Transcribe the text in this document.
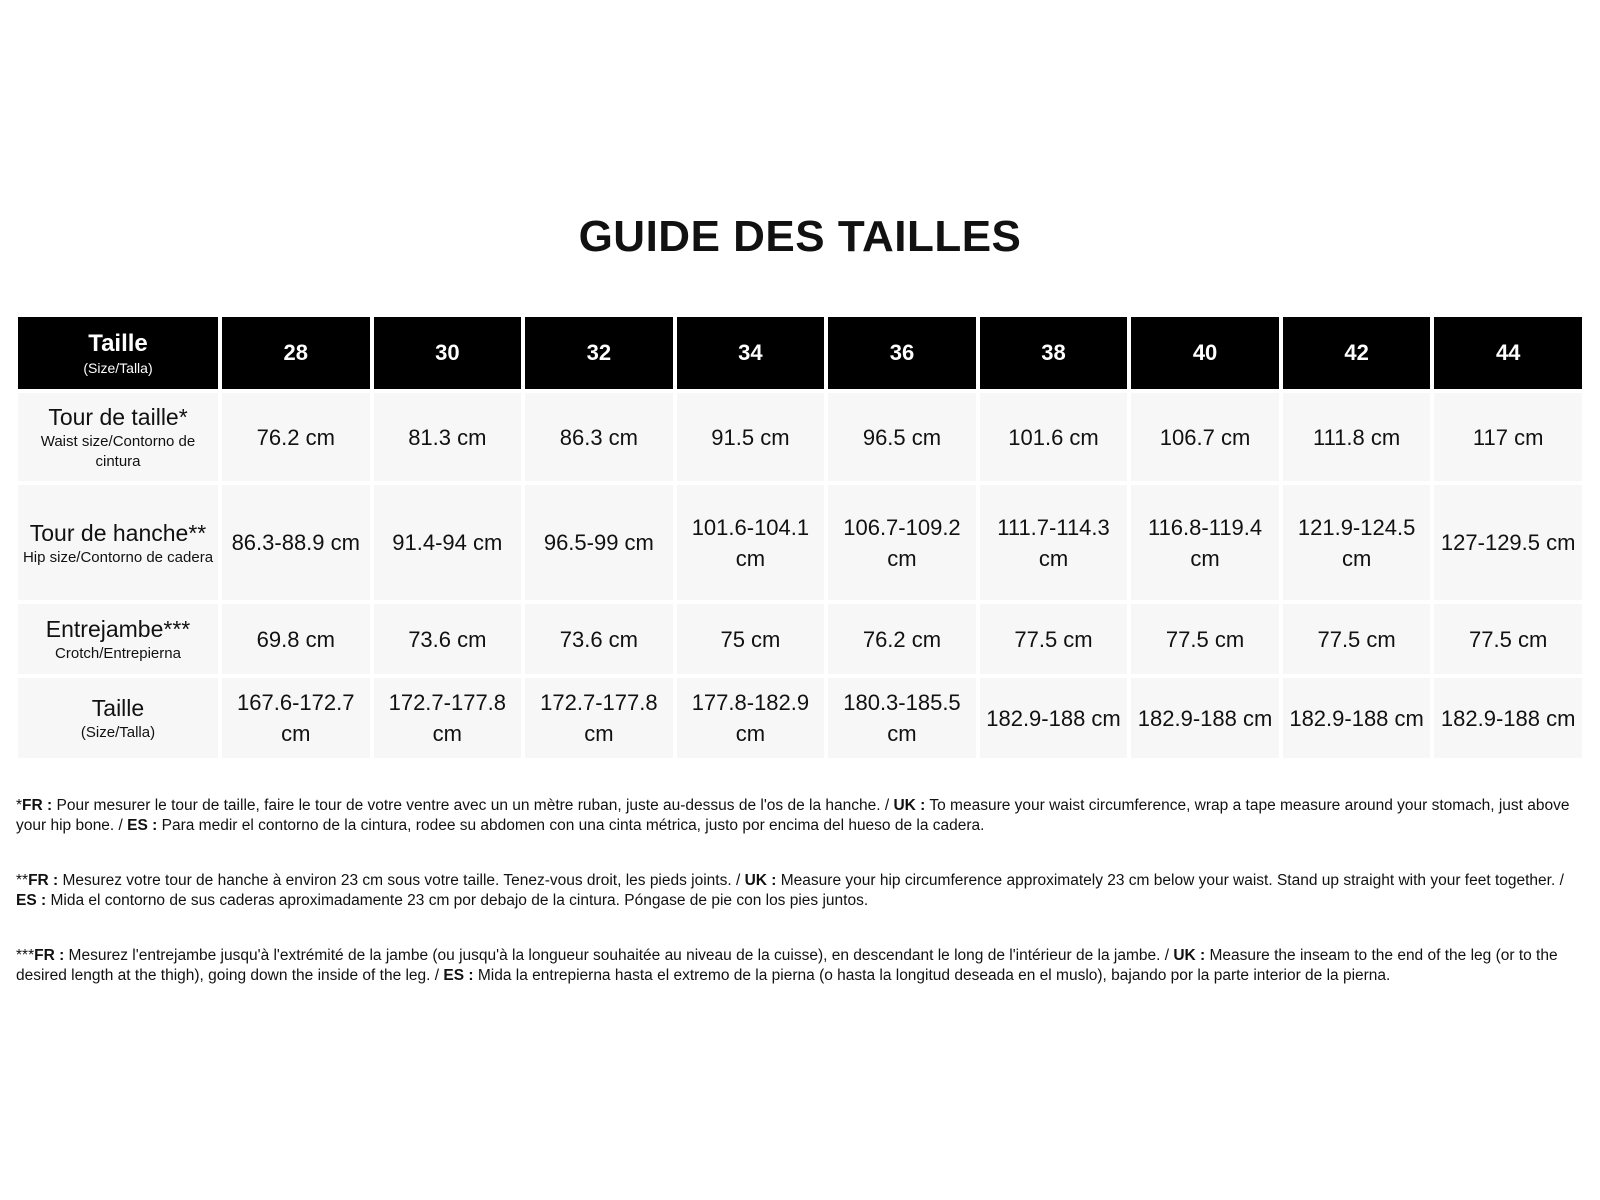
GUIDE DES TAILLES
Taille
(Size/Talla)	28	30	32	34	36	38	40	42	44

Tour de taille*
Waist size/Contorno de cintura	76.2 cm	81.3 cm	86.3 cm	91.5 cm	96.5 cm	101.6 cm	106.7 cm	111.8 cm	117 cm

Tour de hanche**
Hip size/Contorno de cadera	86.3-88.9 cm	91.4-94 cm	96.5-99 cm	101.6-104.1 cm	106.7-109.2 cm	111.7-114.3 cm	116.8-119.4 cm	121.9-124.5 cm	127-129.5 cm

Entrejambe***
Crotch/Entrepierna	69.8 cm	73.6 cm	73.6 cm	75 cm	76.2 cm	77.5 cm	77.5 cm	77.5 cm	77.5 cm

Taille
(Size/Talla)	167.6-172.7 cm	172.7-177.8 cm	172.7-177.8 cm	177.8-182.9 cm	180.3-185.5 cm	182.9-188 cm	182.9-188 cm	182.9-188 cm	182.9-188 cm

*FR : Pour mesurer le tour de taille, faire le tour de votre ventre avec un un mètre ruban, juste au-dessus de l'os de la hanche. / UK : To measure your waist circumference, wrap a tape measure around your stomach, just above your hip bone. / ES : Para medir el contorno de la cintura, rodee su abdomen con una cinta métrica, justo por encima del hueso de la cadera.

**FR : Mesurez votre tour de hanche à environ 23 cm sous votre taille. Tenez-vous droit, les pieds joints. / UK : Measure your hip circumference approximately 23 cm below your waist. Stand up straight with your feet together. / ES : Mida el contorno de sus caderas aproximadamente 23 cm por debajo de la cintura. Póngase de pie con los pies juntos.

***FR : Mesurez l'entrejambe jusqu'à l'extrémité de la jambe (ou jusqu'à la longueur souhaitée au niveau de la cuisse), en descendant le long de l'intérieur de la jambe. / UK : Measure the inseam to the end of the leg (or to the desired length at the thigh), going down the inside of the leg. / ES : Mida la entrepierna hasta el extremo de la pierna (o hasta la longitud deseada en el muslo), bajando por la parte interior de la pierna.
